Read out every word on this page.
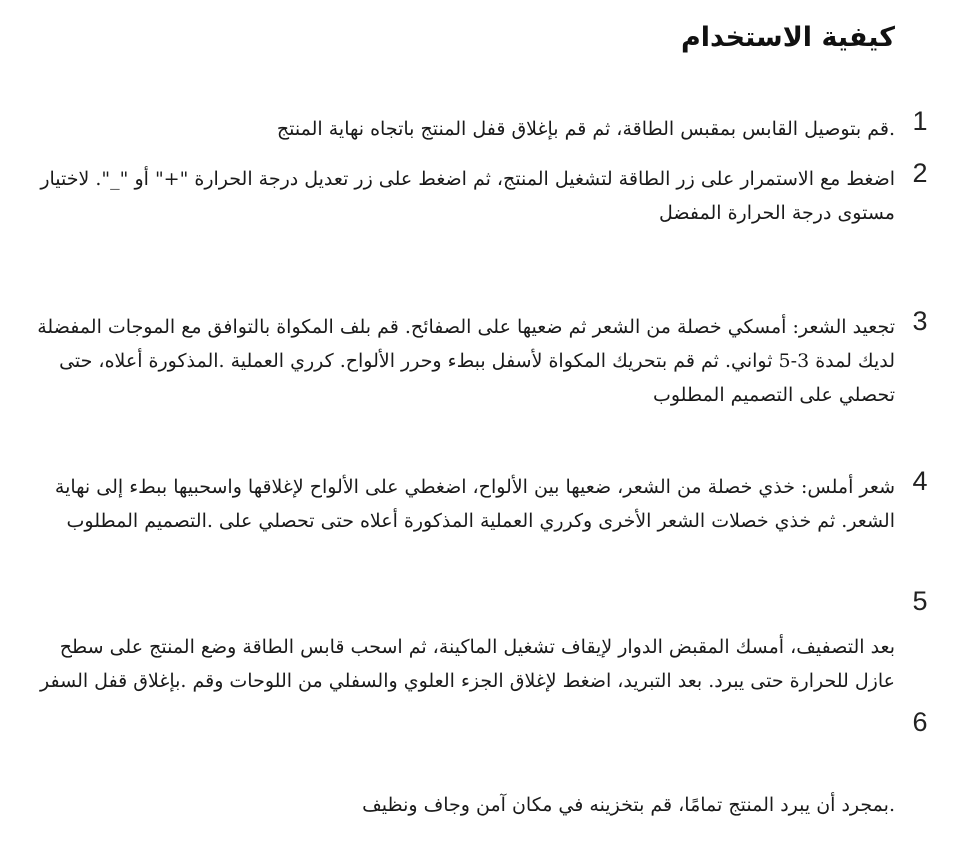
كيفية الاستخدام
1
.قم بتوصيل القابس بمقبس الطاقة، ثم قم بإغلاق قفل المنتج باتجاه نهاية المنتج
2
اضغط مع الاستمرار على زر الطاقة لتشغيل المنتج، ثم اضغط على زر تعديل درجة الحرارة "+" أو "_". لاختيار مستوى درجة الحرارة المفضل
3
تجعيد الشعر: أمسكي خصلة من الشعر ثم ضعيها على الصفائح. قم بلف المكواة بالتوافق مع الموجات المفضلة لديك لمدة 3-5 ثواني. ثم قم بتحريك المكواة لأسفل ببطء وحرر الألواح. كرري العملية .المذكورة أعلاه، حتى تحصلي على التصميم المطلوب
4
شعر أملس: خذي خصلة من الشعر، ضعيها بين الألواح، اضغطي على الألواح لإغلاقها واسحبيها ببطء إلى نهاية الشعر. ثم خذي خصلات الشعر الأخرى وكرري العملية المذكورة أعلاه حتى تحصلي على .التصميم المطلوب
5
بعد التصفيف، أمسك المقبض الدوار لإيقاف تشغيل الماكينة، ثم اسحب قابس الطاقة وضع المنتج على سطح عازل للحرارة حتى يبرد. بعد التبريد، اضغط لإغلاق الجزء العلوي والسفلي من اللوحات وقم .بإغلاق قفل السفر
6
.بمجرد أن يبرد المنتج تمامًا، قم بتخزينه في مكان آمن وجاف ونظيف
